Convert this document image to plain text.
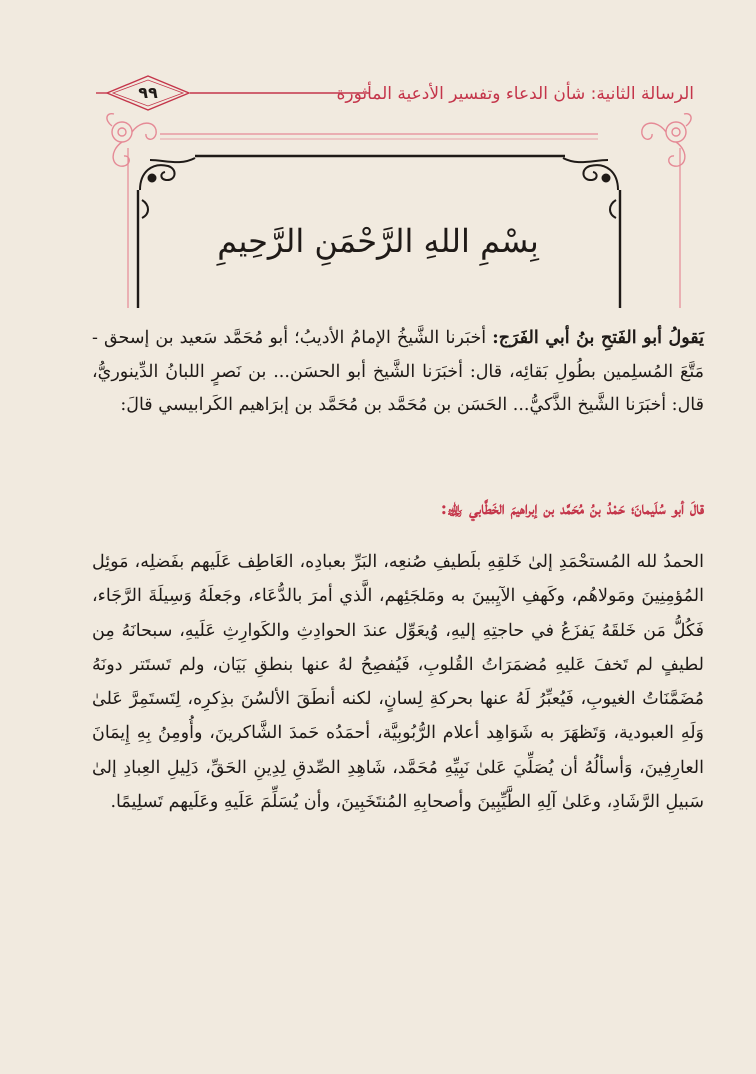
الرسالة الثانية: شأن الدعاء وتفسير الأدعية المأثورة
٩٩
بِسْمِ اللهِ الرَّحْمَنِ الرَّحِيمِ

يَقولُ أبو الفَتحِ بنُ أبي الفَرَج: أخبَرنا الشَّيخُ الإمامُ الأديبُ؛ أبو مُحَمَّد سَعيد بن إسحق - مَتَّعَ المُسلِمين بطُولِ بَقائِه، قال: أخبَرَنا الشَّيخ أبو الحسَن... بن نَصرٍ اللبانُ الدِّينوريُّ، قال: أخبَرَنا الشَّيخ الذَّكيُّ... الحَسَن بن مُحَمَّد بن مُحَمَّد بن إبرَاهيم الكَرابيسي قالَ:

قالَ أبو سُلَيمانَ؛ حَمْدُ بنُ مُحَمَّد بن إبراهيمَ الخَطَّابي ﵀:

الحمدُ لله المُستحْمَدِ إلىٰ خَلقِهِ بلَطيفِ صُنعِه، البَرِّ بعبادِه، العَاطِف عَلَيهم بفَضلِه، مَوئِل المُؤمِنِينَ ومَولاهُم، وكَهفِ الآيِبينَ به ومَلجَئِهم، الَّذي أمرَ بالدُّعَاء، وجَعلَهُ وَسِيلَةَ الرَّجَاء، فَكُلُّ مَن خَلقَهُ يَفزَعُ في حاجتِهِ إليهِ، وُيعَوِّل عندَ الحوادِثِ والكَوارِثِ عَلَيهِ، سبحانَهُ مِن لطيفٍ لم تَخفَ عَليهِ مُضمَرَاتُ القُلوبِ، فَيُفصِحُ لهُ عنها بنطقِ بَيَان، ولم تَستَتر دونَهُ مُضَمَّنَاتُ الغيوبِ، فَيُعبِّرُ لَهُ عنها بحركةِ لِسانٍ، لكنه أنطَقَ الألسُنَ بذِكرِه، لِتَستَمِرَّ عَلىٰ وَلَهِ العبودية، وَتَظهَرَ به شَوَاهِد أعلام الرُّبُوبِيَّة، أحمَدُه حَمدَ الشَّاكرينَ، وأُومِنُ بِهِ إِيمَانَ العارِفِينَ، وَأسألُهُ أن يُصَلِّيَ عَلىٰ نَبِيِّهِ مُحَمَّد، شَاهِدِ الصِّدقِ لِدِينِ الحَقِّ، دَلِيلِ العِبادِ إلىٰ سَبيلِ الرَّشَادِ، وعَلىٰ آلِهِ الطَّيِّبِينَ وأصحابِهِ المُنتَخَبِينَ، وأن يُسَلِّمَ عَلَيهِ وعَلَيهم تَسلِيمًا.
